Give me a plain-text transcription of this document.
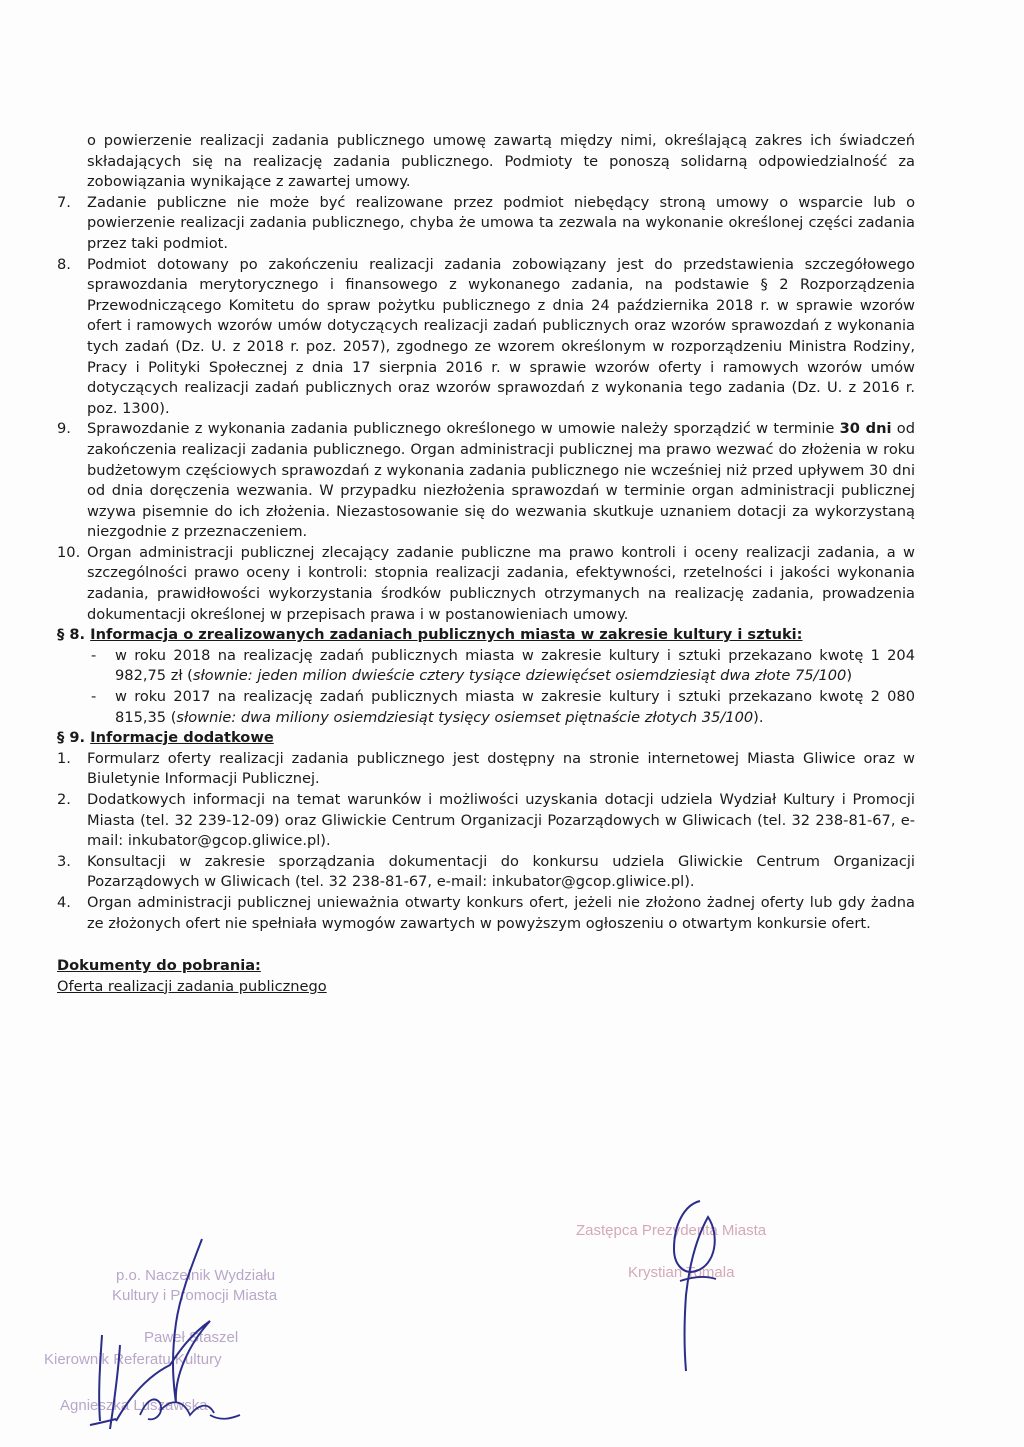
o powierzenie realizacji zadania publicznego umowę zawartą między nimi, określającą zakres ich świadczeń składających się na realizację zadania publicznego. Podmioty te ponoszą solidarną odpowiedzialność za zobowiązania wynikające z zawartej umowy.

7.	Zadanie publiczne nie może być realizowane przez podmiot niebędący stroną umowy o wsparcie lub o powierzenie realizacji zadania publicznego, chyba że umowa ta zezwala na wykonanie określonej części zadania przez taki podmiot.
8.	Podmiot dotowany po zakończeniu realizacji zadania zobowiązany jest do przedstawienia szczegółowego sprawozdania merytorycznego i finansowego z wykonanego zadania, na podstawie § 2 Rozporządzenia Przewodniczącego Komitetu do spraw pożytku publicznego z dnia 24 października 2018 r. w sprawie wzorów ofert i ramowych wzorów umów dotyczących realizacji zadań publicznych oraz wzorów sprawozdań z wykonania tych zadań (Dz. U. z 2018 r. poz. 2057), zgodnego ze wzorem określonym w rozporządzeniu Ministra Rodziny, Pracy i Polityki Społecznej z dnia 17 sierpnia 2016 r. w sprawie wzorów oferty i ramowych wzorów umów dotyczących realizacji zadań publicznych oraz wzorów sprawozdań z wykonania tego zadania (Dz. U. z 2016 r. poz. 1300).
9.	Sprawozdanie z wykonania zadania publicznego określonego w umowie należy sporządzić w terminie 30 dni od zakończenia realizacji zadania publicznego. Organ administracji publicznej ma prawo wezwać do złożenia w roku budżetowym częściowych sprawozdań z wykonania zadania publicznego nie wcześniej niż przed upływem 30 dni od dnia doręczenia wezwania. W przypadku niezłożenia sprawozdań w terminie organ administracji publicznej wzywa pisemnie do ich złożenia. Niezastosowanie się do wezwania skutkuje uznaniem dotacji za wykorzystaną niezgodnie z przeznaczeniem.
10. Organ administracji publicznej zlecający zadanie publiczne ma prawo kontroli i oceny realizacji zadania, a w szczególności prawo oceny i kontroli: stopnia realizacji zadania, efektywności, rzetelności i jakości wykonania zadania, prawidłowości wykorzystania środków publicznych otrzymanych na realizację zadania, prowadzenia dokumentacji określonej w przepisach prawa i w postanowieniach umowy.

§ 8. Informacja o zrealizowanych zadaniach publicznych miasta w zakresie kultury i sztuki:

-	w roku 2018 na realizację zadań publicznych miasta w zakresie kultury i sztuki przekazano kwotę 1 204 982,75 zł (słownie: jeden milion dwieście cztery tysiące dziewięćset osiemdziesiąt dwa złote 75/100)
-	w roku 2017 na realizację zadań publicznych miasta w zakresie kultury i sztuki przekazano kwotę 2 080 815,35 (słownie: dwa miliony osiemdziesiąt tysięcy osiemset piętnaście złotych 35/100).

§ 9. Informacje dodatkowe

1.	Formularz oferty realizacji zadania publicznego jest dostępny na stronie internetowej Miasta Gliwice oraz w Biuletynie Informacji Publicznej.
2.	Dodatkowych informacji na temat warunków i możliwości uzyskania dotacji udziela Wydział Kultury i Promocji Miasta (tel. 32 239-12-09) oraz Gliwickie Centrum Organizacji Pozarządowych w Gliwicach (tel. 32 238-81-67, e-mail: inkubator@gcop.gliwice.pl).
3.	Konsultacji w zakresie sporządzania dokumentacji do konkursu udziela Gliwickie Centrum Organizacji Pozarządowych w Gliwicach (tel. 32 238-81-67, e-mail: inkubator@gcop.gliwice.pl).
4.	Organ administracji publicznej unieważnia otwarty konkurs ofert, jeżeli nie złożono żadnej oferty lub gdy żadna ze złożonych ofert nie spełniała wymogów zawartych w powyższym ogłoszeniu o otwartym konkursie ofert.

Dokumenty do pobrania:

Oferta realizacji zadania publicznego

p.o. Naczelnik Wydziału
Kultury i Promocji Miasta
Paweł Staszel
Kierownik Referatu Kultury
Agnieszka Luszawska
Zastępca Prezydenta Miasta
Krystian Tomala
